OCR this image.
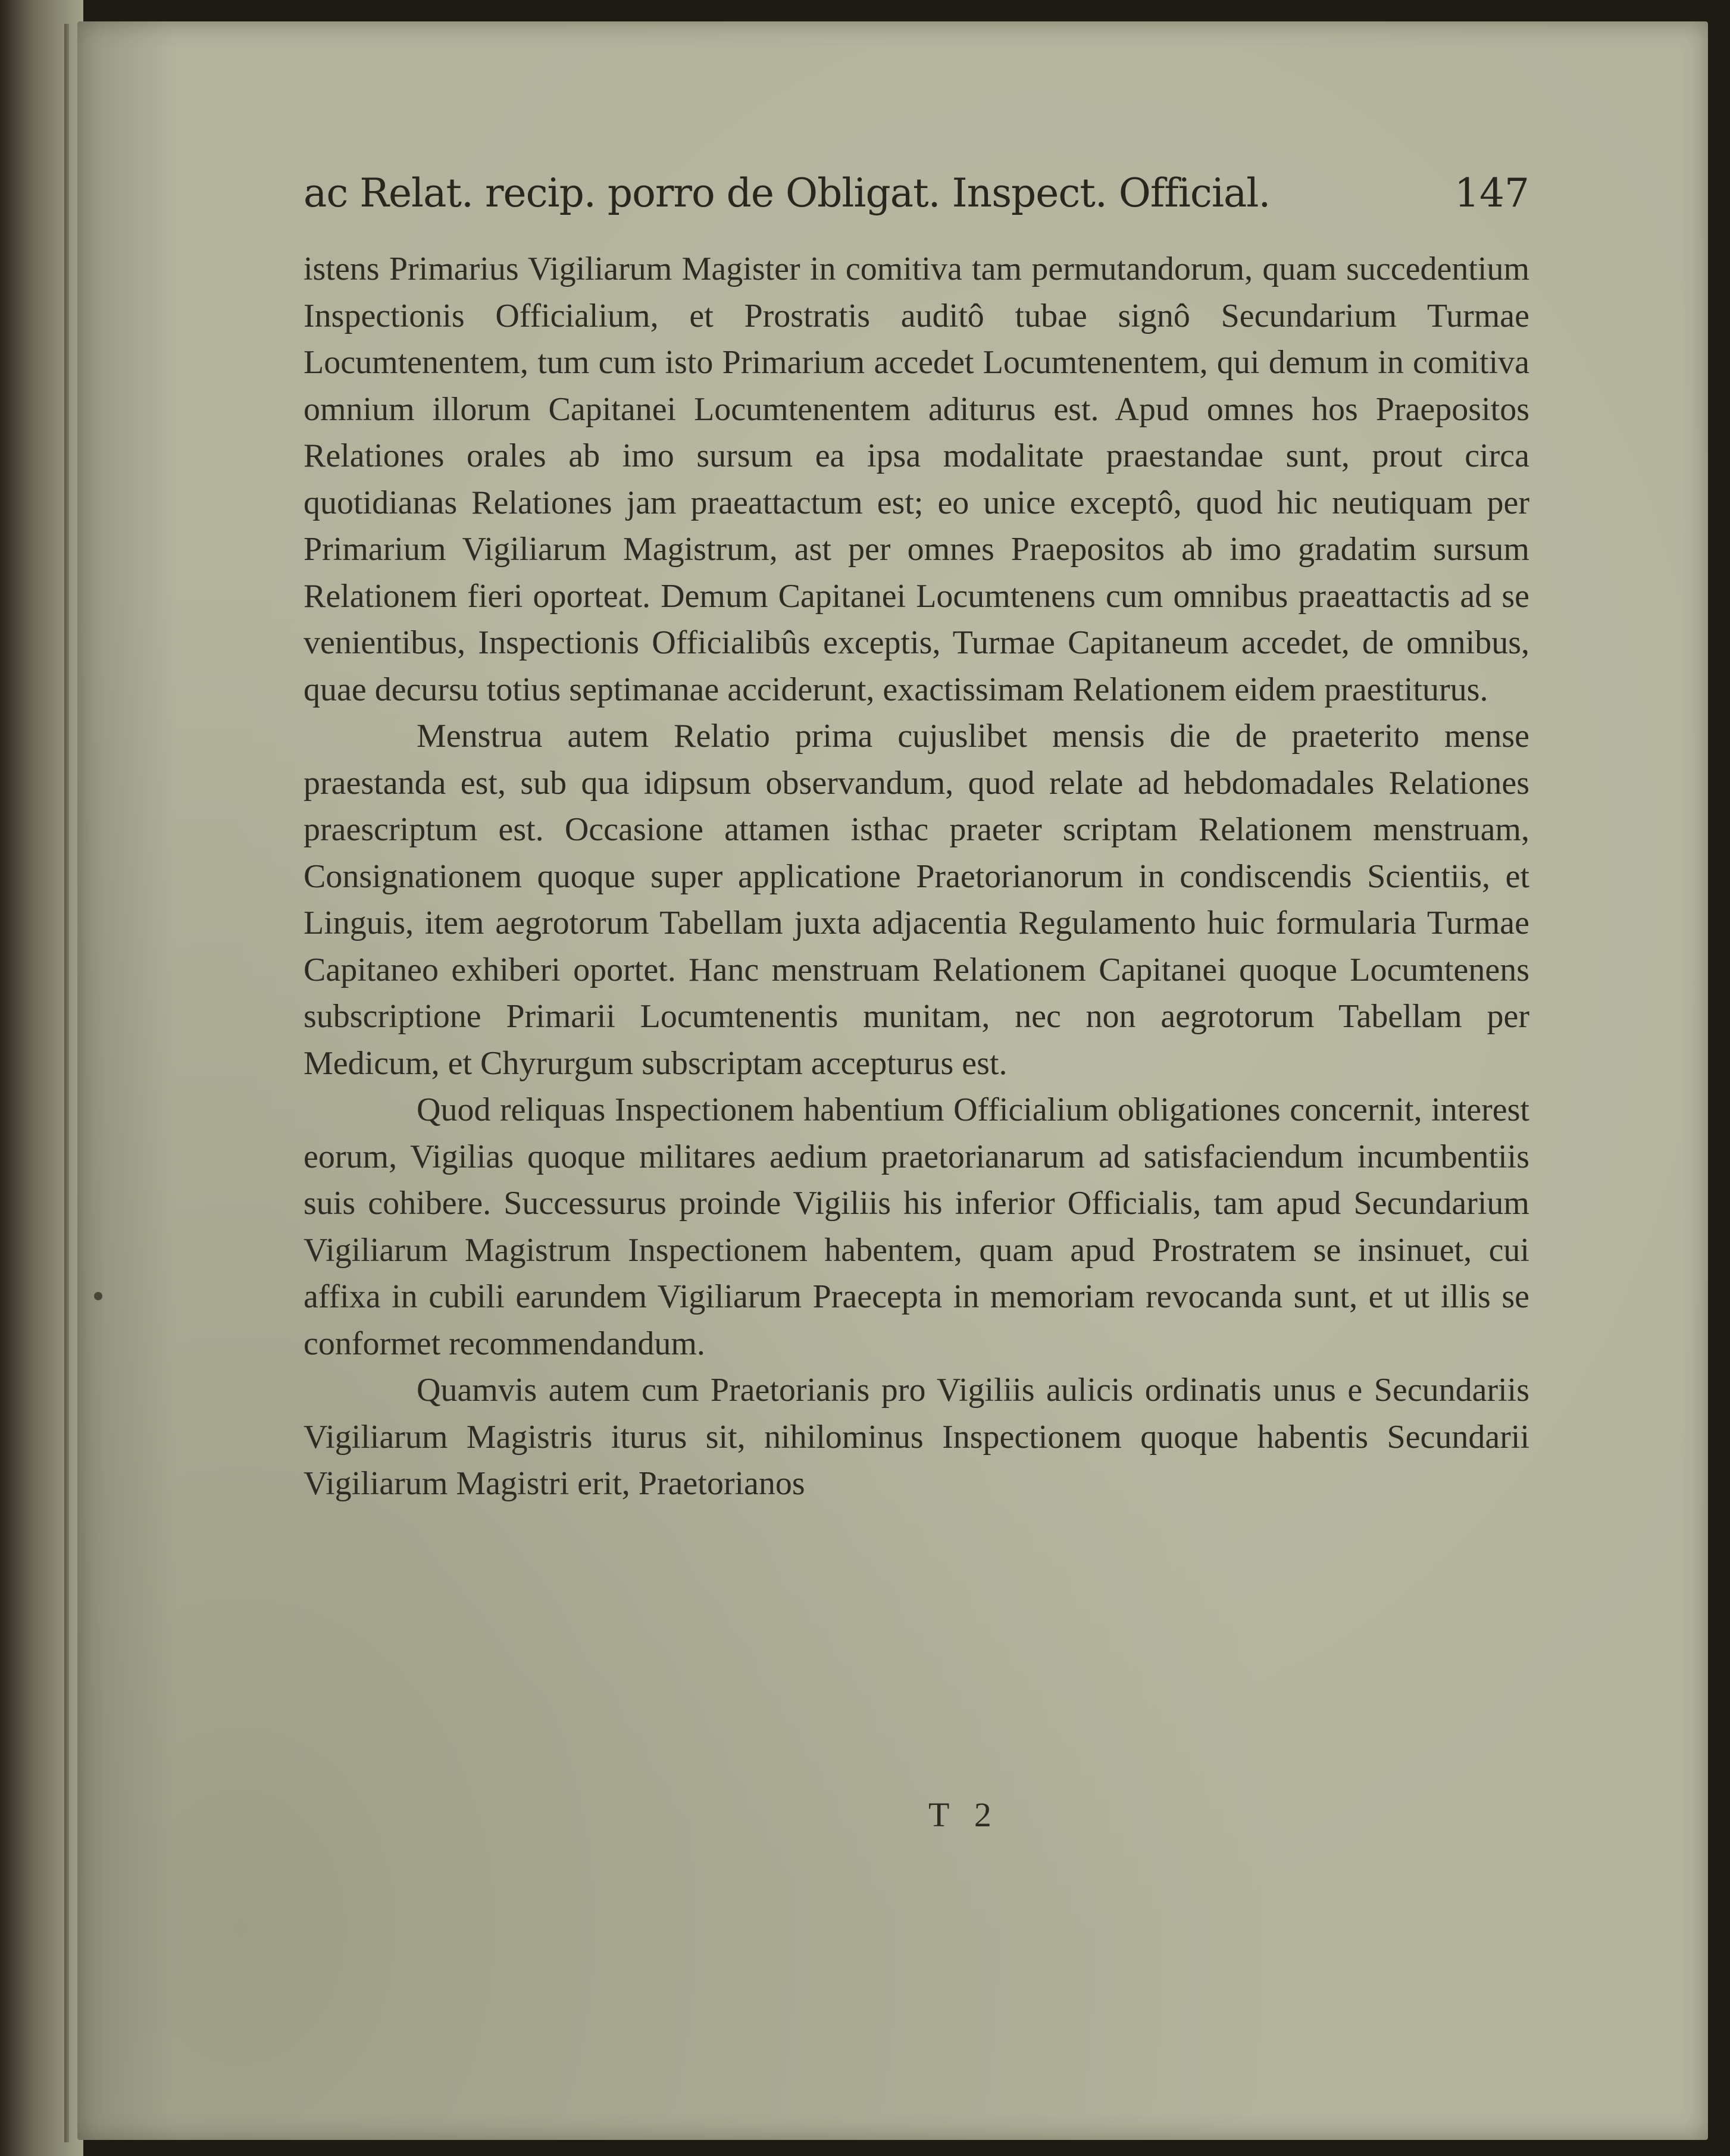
ac Relat. recip. porro de Obligat. Inspect. Official.	147

istens Primarius Vigiliarum Magister in comitiva tam permutandorum, quam succedentium Inspectionis Officialium, et Prostratis auditô tubae signô Secundarium Turmae Locumtenentem, tum cum isto Primarium accedet Locumtenentem, qui demum in comitiva omnium illorum Capitanei Locumtenentem aditurus est. Apud omnes hos Praepositos Relationes orales ab imo sursum ea ipsa modalitate praestandae sunt, prout circa quotidianas Relationes jam praeattactum est; eo unice exceptô, quod hic neutiquam per Primarium Vigiliarum Magistrum, ast per omnes Praepositos ab imo gradatim sursum Relationem fieri oporteat. Demum Capitanei Locumtenens cum omnibus praeattactis ad se venientibus, Inspectionis Officialibûs exceptis, Turmae Capitaneum accedet, de omnibus, quae decursu totius septimanae acciderunt, exactissimam Relationem eidem praestiturus.

Menstrua autem Relatio prima cujuslibet mensis die de praeterito mense praestanda est, sub qua idipsum observandum, quod relate ad hebdomadales Relationes praescriptum est. Occasione attamen isthac praeter scriptam Relationem menstruam, Consignationem quoque super applicatione Praetorianorum in condiscendis Scientiis, et Linguis, item aegrotorum Tabellam juxta adjacentia Regulamento huic formularia Turmae Capitaneo exhiberi oportet. Hanc menstruam Relationem Capitanei quoque Locumtenens subscriptione Primarii Locumtenentis munitam, nec non aegrotorum Tabellam per Medicum, et Chyrurgum subscriptam accepturus est.

Quod reliquas Inspectionem habentium Officialium obligationes concernit, interest eorum, Vigilias quoque militares aedium praetorianarum ad satisfaciendum incumbentiis suis cohibere. Successurus proinde Vigiliis his inferior Officialis, tam apud Secundarium Vigiliarum Magistrum Inspectionem habentem, quam apud Prostratem se insinuet, cui affixa in cubili earundem Vigiliarum Praecepta in memoriam revocanda sunt, et ut illis se conformet recommendandum.

Quamvis autem cum Praetorianis pro Vigiliis aulicis ordinatis unus e Secundariis Vigiliarum Magistris iturus sit, nihilominus Inspectionem quoque habentis Secundarii Vigiliarum Magistri erit, Praetorianos

T 2
